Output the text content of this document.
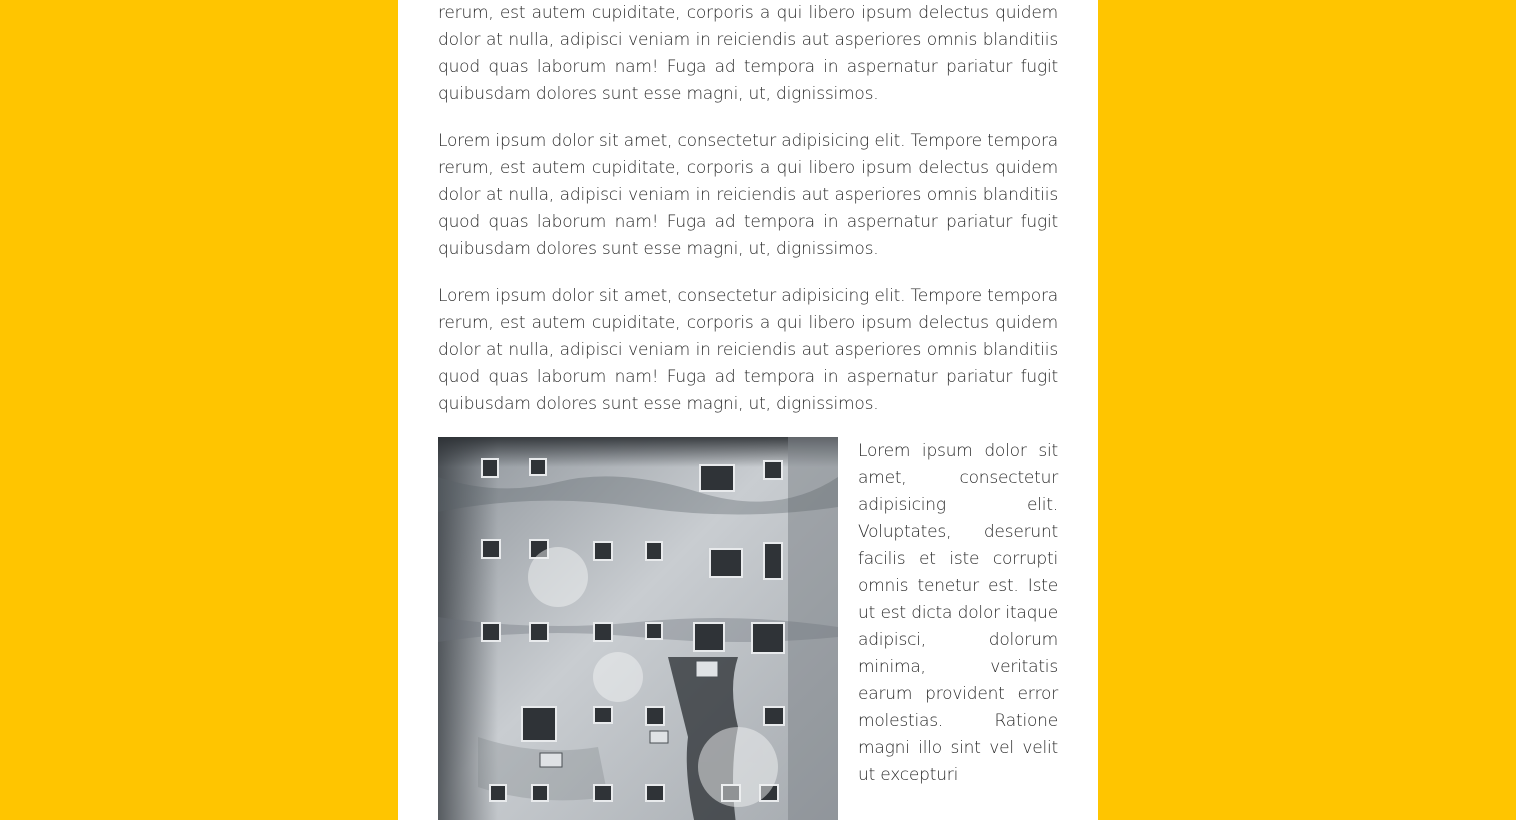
rerum, est autem cupiditate, corporis a qui libero ipsum delectus quidem dolor at nulla, adipisci veniam in reiciendis aut asperiores omnis blanditiis quod quas laborum nam! Fuga ad tempora in aspernatur pariatur fugit quibusdam dolores sunt esse magni, ut, dignissimos.

Lorem ipsum dolor sit amet, consectetur adipisicing elit. Tempore tempora rerum, est autem cupiditate, corporis a qui libero ipsum delectus quidem dolor at nulla, adipisci veniam in reiciendis aut asperiores omnis blanditiis quod quas laborum nam! Fuga ad tempora in aspernatur pariatur fugit quibusdam dolores sunt esse magni, ut, dignissimos.

Lorem ipsum dolor sit amet, consectetur adipisicing elit. Tempore tempora rerum, est autem cupiditate, corporis a qui libero ipsum delectus quidem dolor at nulla, adipisci veniam in reiciendis aut asperiores omnis blanditiis quod quas laborum nam! Fuga ad tempora in aspernatur pariatur fugit quibusdam dolores sunt esse magni, ut, dignissimos.

Lorem ipsum dolor sit amet, consectetur adipisicing elit. Voluptates, deserunt facilis et iste corrupti omnis tenetur est. Iste ut est dicta dolor itaque adipisci, dolorum minima, veritatis earum provident error molestias. Ratione magni illo sint vel velit ut excepturi
